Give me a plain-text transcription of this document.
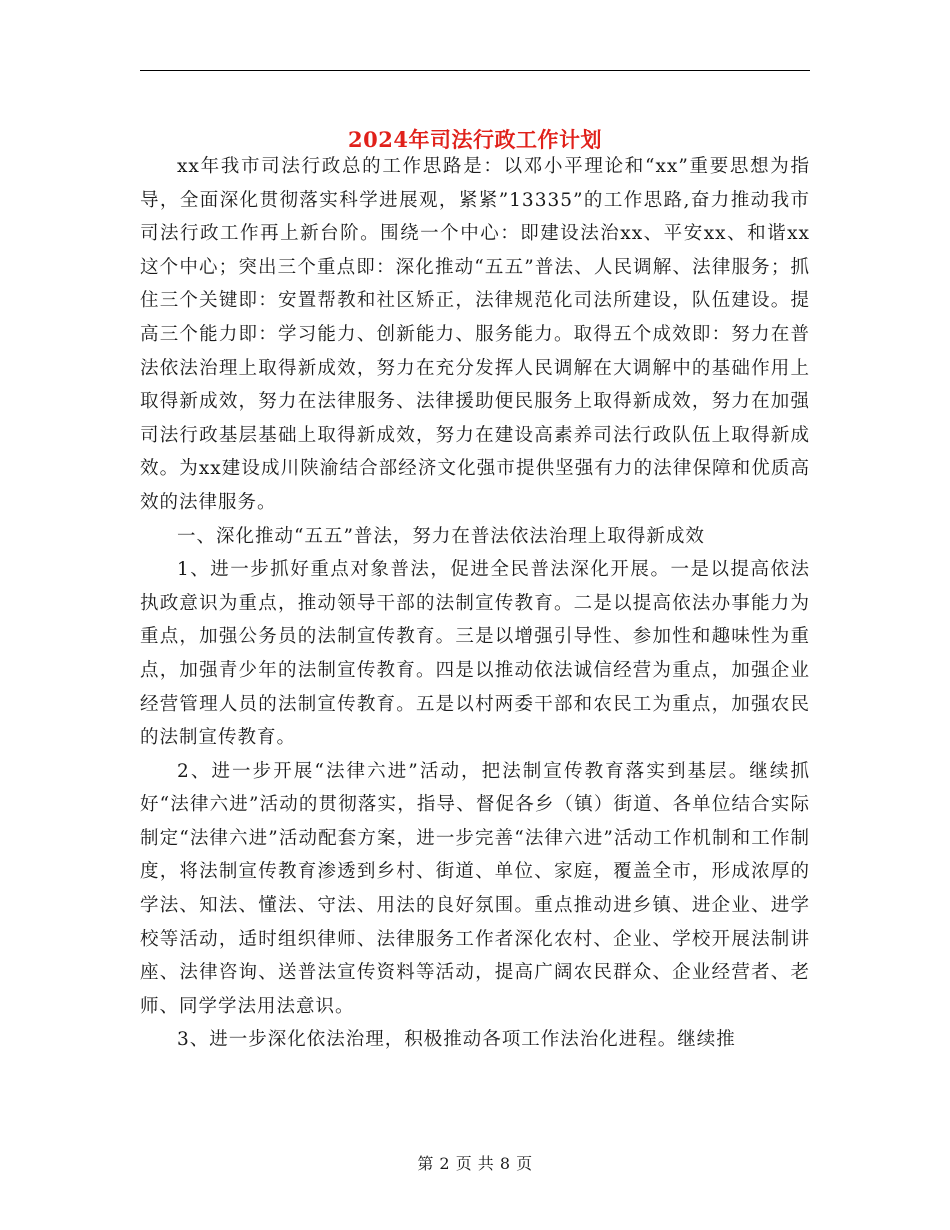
2024年司法行政工作计划

xx年我市司法行政总的工作思路是：以邓小平理论和“xx”重要思想为指导，全面深化贯彻落实科学进展观，紧紧”13335”的工作思路,奋力推动我市司法行政工作再上新台阶。围绕一个中心：即建设法治xx、平安xx、和谐xx这个中心；突出三个重点即：深化推动“五五”普法、人民调解、法律服务；抓住三个关键即：安置帮教和社区矫正，法律规范化司法所建设，队伍建设。提高三个能力即：学习能力、创新能力、服务能力。取得五个成效即：努力在普法依法治理上取得新成效，努力在充分发挥人民调解在大调解中的基础作用上取得新成效，努力在法律服务、法律援助便民服务上取得新成效，努力在加强司法行政基层基础上取得新成效，努力在建设高素养司法行政队伍上取得新成效。为xx建设成川陕渝结合部经济文化强市提供坚强有力的法律保障和优质高效的法律服务。

一、深化推动“五五”普法，努力在普法依法治理上取得新成效

1、进一步抓好重点对象普法，促进全民普法深化开展。一是以提高依法执政意识为重点，推动领导干部的法制宣传教育。二是以提高依法办事能力为重点，加强公务员的法制宣传教育。三是以增强引导性、参加性和趣味性为重点，加强青少年的法制宣传教育。四是以推动依法诚信经营为重点，加强企业经营管理人员的法制宣传教育。五是以村两委干部和农民工为重点，加强农民的法制宣传教育。

2、进一步开展“法律六进”活动，把法制宣传教育落实到基层。继续抓好“法律六进”活动的贯彻落实，指导、督促各乡（镇）街道、各单位结合实际制定“法律六进”活动配套方案，进一步完善“法律六进”活动工作机制和工作制度，将法制宣传教育渗透到乡村、街道、单位、家庭，覆盖全市，形成浓厚的学法、知法、懂法、守法、用法的良好氛围。重点推动进乡镇、进企业、进学校等活动，适时组织律师、法律服务工作者深化农村、企业、学校开展法制讲座、法律咨询、送普法宣传资料等活动，提高广阔农民群众、企业经营者、老师、同学学法用法意识。

3、进一步深化依法治理，积极推动各项工作法治化进程。继续推

第 2 页 共 8 页
